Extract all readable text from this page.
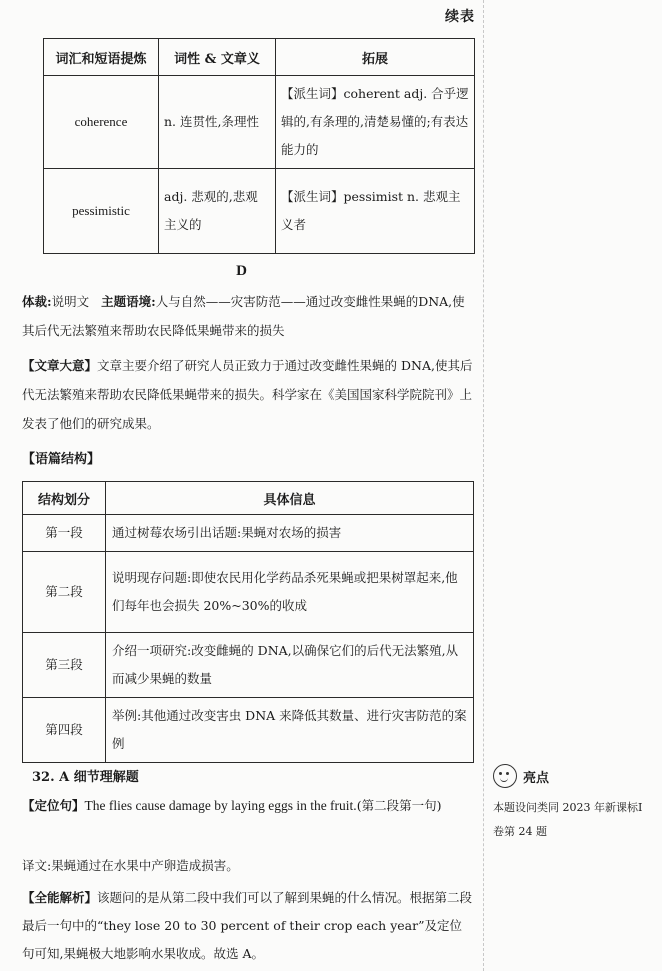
续表
词汇和短语提炼	词性 & 文章义	拓展
coherence	n. 连贯性,条理性	【派生词】coherent adj. 合乎逻辑的,有条理的,清楚易懂的;有表达能力的
pessimistic	adj. 悲观的,悲观主义的	【派生词】pessimist n. 悲观主义者
D
体裁:说明文 主题语境:人与自然——灾害防范——通过改变雌性果蝇的DNA,使其后代无法繁殖来帮助农民降低果蝇带来的损失
【文章大意】文章主要介绍了研究人员正致力于通过改变雌性果蝇的 DNA,使其后代无法繁殖来帮助农民降低果蝇带来的损失。科学家在《美国国家科学院院刊》上发表了他们的研究成果。
【语篇结构】
结构划分	具体信息
第一段	通过树莓农场引出话题:果蝇对农场的损害
第二段	说明现存问题:即使农民用化学药品杀死果蝇或把果树罩起来,他们每年也会损失 20%~30%的收成
第三段	介绍一项研究:改变雌蝇的 DNA,以确保它们的后代无法繁殖,从而减少果蝇的数量
第四段	举例:其他通过改变害虫 DNA 来降低其数量、进行灾害防范的案例
32. A 细节理解题
【定位句】The flies cause damage by laying eggs in the fruit.(第二段第一句)
译文:果蝇通过在水果中产卵造成损害。
【全能解析】该题问的是从第二段中我们可以了解到果蝇的什么情况。根据第二段最后一句中的“they lose 20 to 30 percent of their crop each year”及定位句可知,果蝇极大地影响水果收成。故选 A。
亮点
本题设问类同 2023 年新课标Ⅰ卷第 24 题
